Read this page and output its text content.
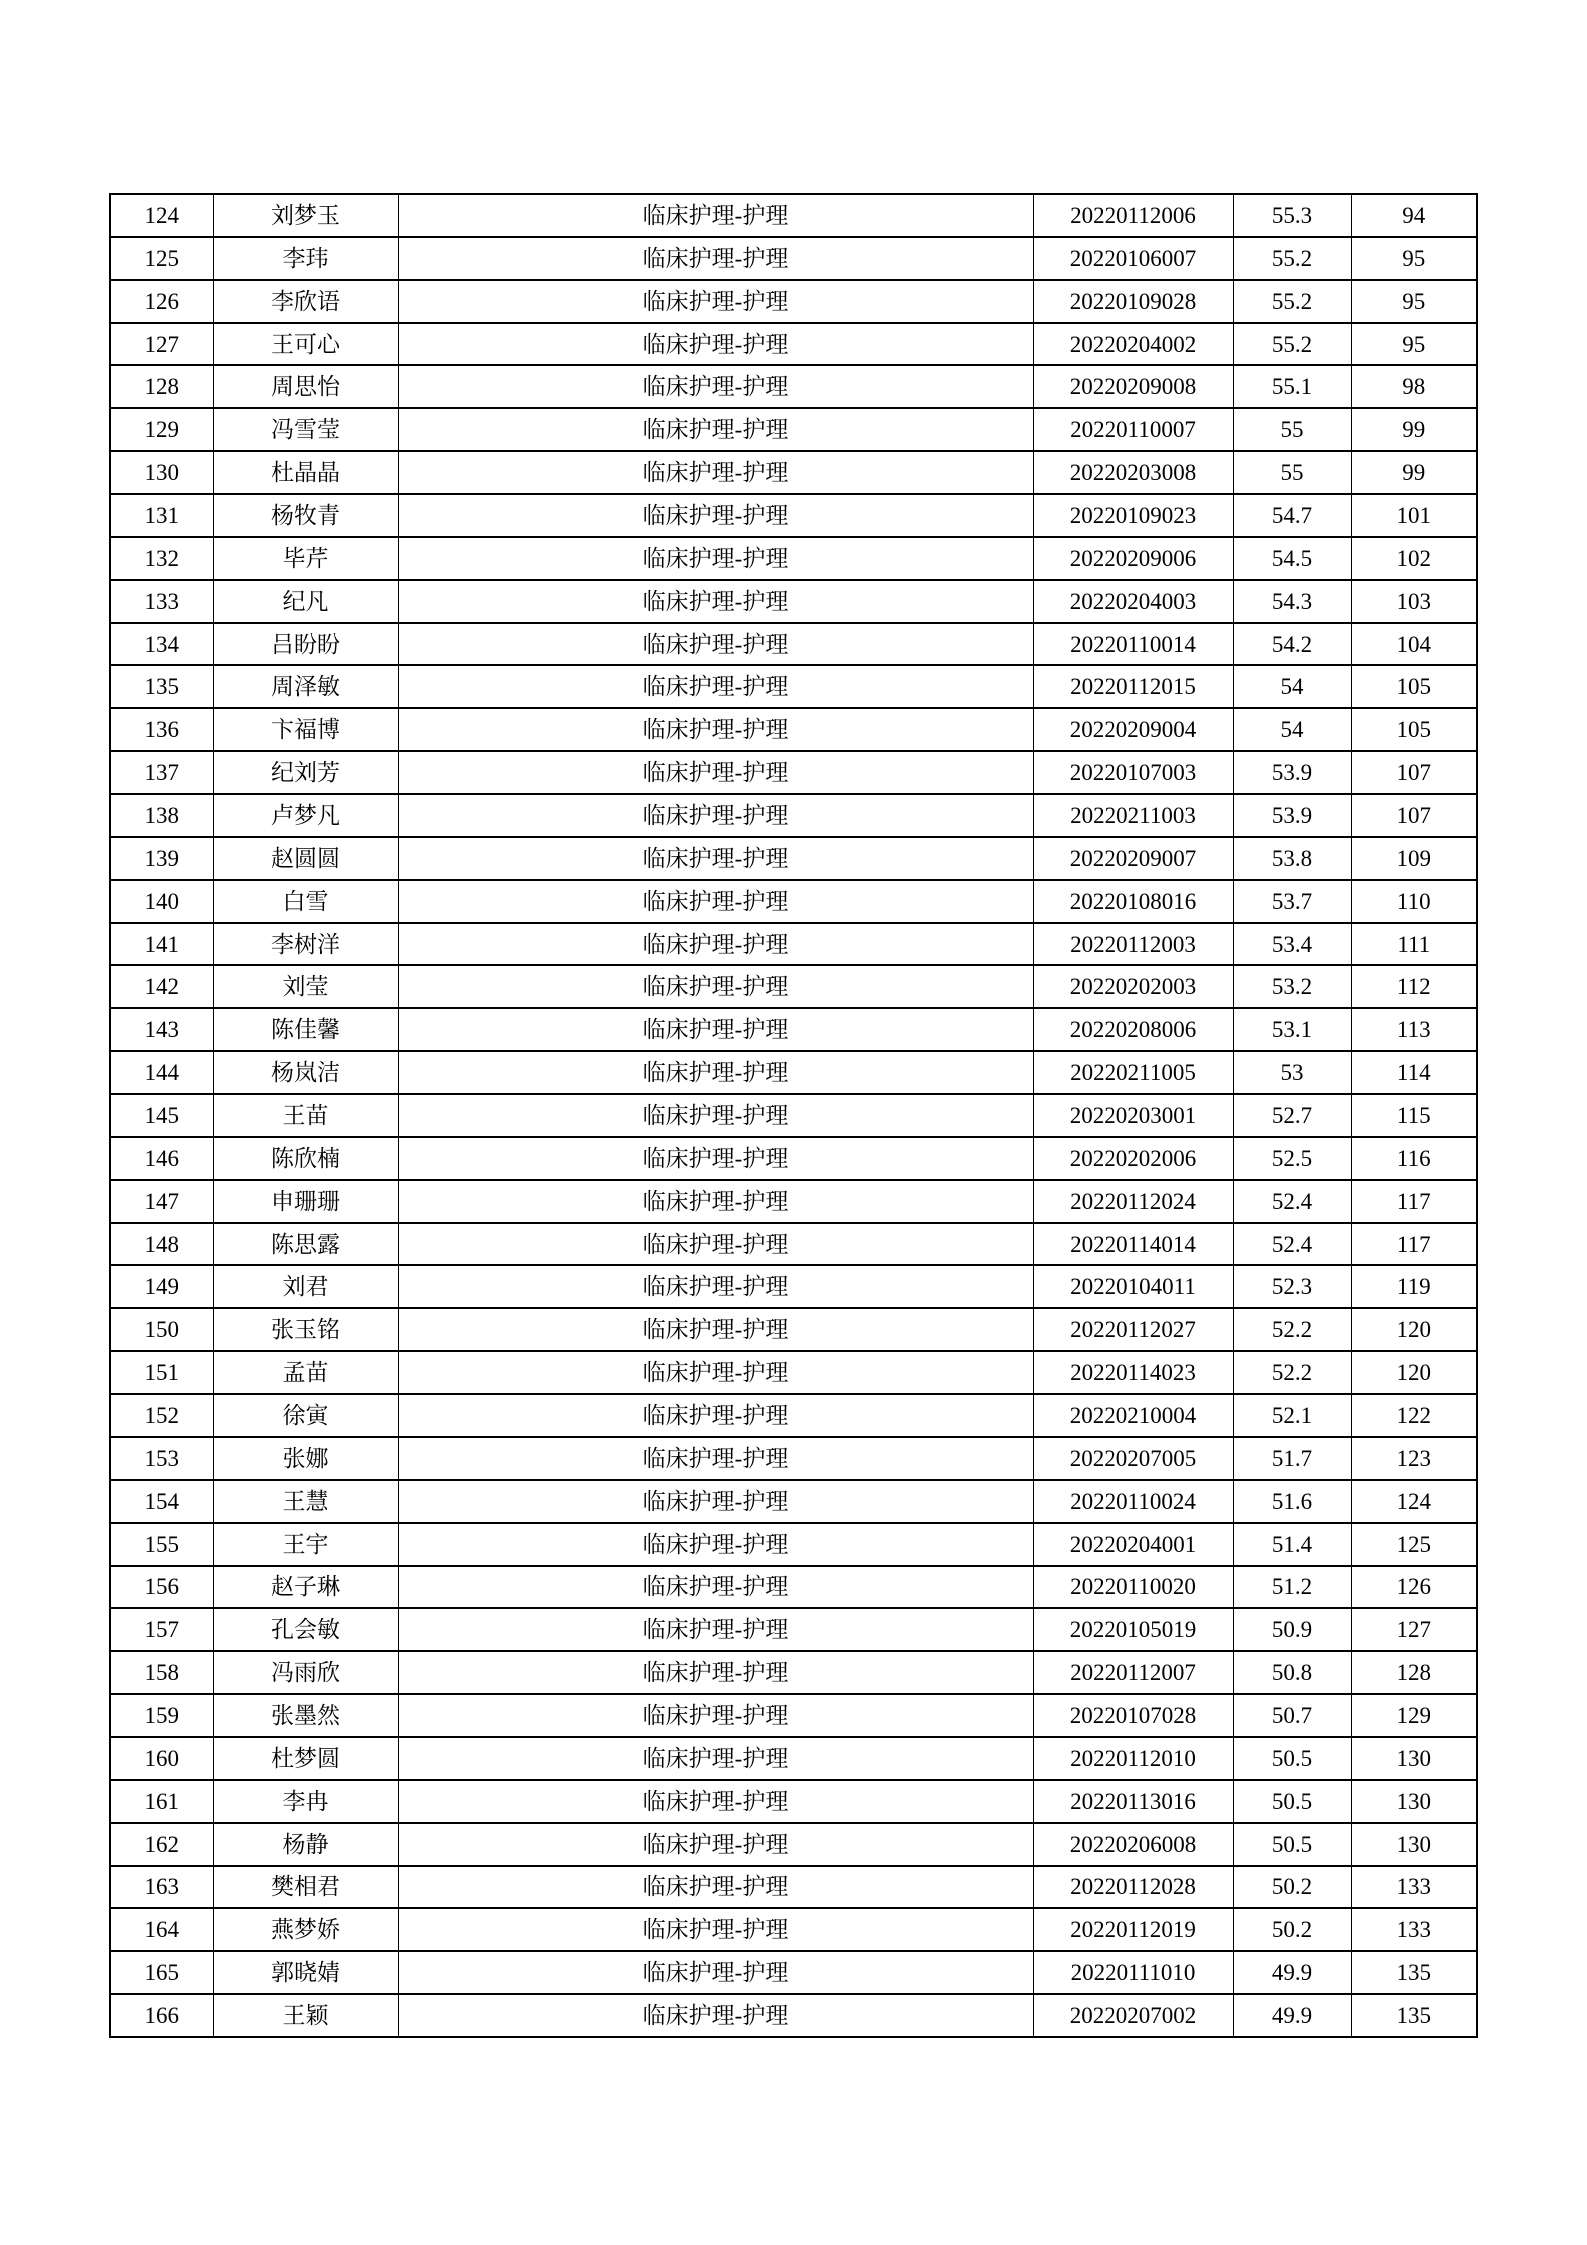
124	刘梦玉	临床护理-护理	20220112006	55.3	94
125	李玮	临床护理-护理	20220106007	55.2	95
126	李欣语	临床护理-护理	20220109028	55.2	95
127	王可心	临床护理-护理	20220204002	55.2	95
128	周思怡	临床护理-护理	20220209008	55.1	98
129	冯雪莹	临床护理-护理	20220110007	55	99
130	杜晶晶	临床护理-护理	20220203008	55	99
131	杨牧青	临床护理-护理	20220109023	54.7	101
132	毕芹	临床护理-护理	20220209006	54.5	102
133	纪凡	临床护理-护理	20220204003	54.3	103
134	吕盼盼	临床护理-护理	20220110014	54.2	104
135	周泽敏	临床护理-护理	20220112015	54	105
136	卞福博	临床护理-护理	20220209004	54	105
137	纪刘芳	临床护理-护理	20220107003	53.9	107
138	卢梦凡	临床护理-护理	20220211003	53.9	107
139	赵圆圆	临床护理-护理	20220209007	53.8	109
140	白雪	临床护理-护理	20220108016	53.7	110
141	李树洋	临床护理-护理	20220112003	53.4	111
142	刘莹	临床护理-护理	20220202003	53.2	112
143	陈佳馨	临床护理-护理	20220208006	53.1	113
144	杨岚洁	临床护理-护理	20220211005	53	114
145	王苗	临床护理-护理	20220203001	52.7	115
146	陈欣楠	临床护理-护理	20220202006	52.5	116
147	申珊珊	临床护理-护理	20220112024	52.4	117
148	陈思露	临床护理-护理	20220114014	52.4	117
149	刘君	临床护理-护理	20220104011	52.3	119
150	张玉铭	临床护理-护理	20220112027	52.2	120
151	孟苗	临床护理-护理	20220114023	52.2	120
152	徐寅	临床护理-护理	20220210004	52.1	122
153	张娜	临床护理-护理	20220207005	51.7	123
154	王慧	临床护理-护理	20220110024	51.6	124
155	王宇	临床护理-护理	20220204001	51.4	125
156	赵子琳	临床护理-护理	20220110020	51.2	126
157	孔会敏	临床护理-护理	20220105019	50.9	127
158	冯雨欣	临床护理-护理	20220112007	50.8	128
159	张墨然	临床护理-护理	20220107028	50.7	129
160	杜梦圆	临床护理-护理	20220112010	50.5	130
161	李冉	临床护理-护理	20220113016	50.5	130
162	杨静	临床护理-护理	20220206008	50.5	130
163	樊相君	临床护理-护理	20220112028	50.2	133
164	燕梦娇	临床护理-护理	20220112019	50.2	133
165	郭晓婧	临床护理-护理	20220111010	49.9	135
166	王颖	临床护理-护理	20220207002	49.9	135
